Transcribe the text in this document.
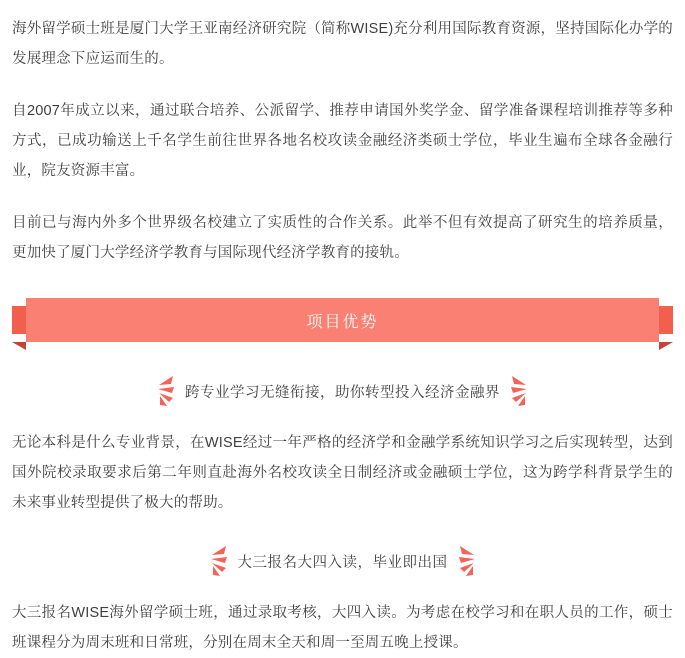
海外留学硕士班是厦门大学王亚南经济研究院（简称WISE)充分利用国际教育资源，坚持国际化办学的发展理念下应运而生的。

自2007年成立以来，通过联合培养、公派留学、推荐申请国外奖学金、留学准备课程培训推荐等多种方式，已成功输送上千名学生前往世界各地名校攻读金融经济类硕士学位，毕业生遍布全球各金融行业，院友资源丰富。

目前已与海内外多个世界级名校建立了实质性的合作关系。此举不但有效提高了研究生的培养质量，更加快了厦门大学经济学教育与国际现代经济学教育的接轨。

项目优势
跨专业学习无缝衔接，助你转型投入经济金融界

无论本科是什么专业背景，在WISE经过一年严格的经济学和金融学系统知识学习之后实现转型，达到国外院校录取要求后第二年则直赴海外名校攻读全日制经济或金融硕士学位，这为跨学科背景学生的未来事业转型提供了极大的帮助。

大三报名大四入读，毕业即出国

大三报名WISE海外留学硕士班，通过录取考核，大四入读。为考虑在校学习和在职人员的工作，硕士班课程分为周末班和日常班，分别在周末全天和周一至周五晚上授课。
